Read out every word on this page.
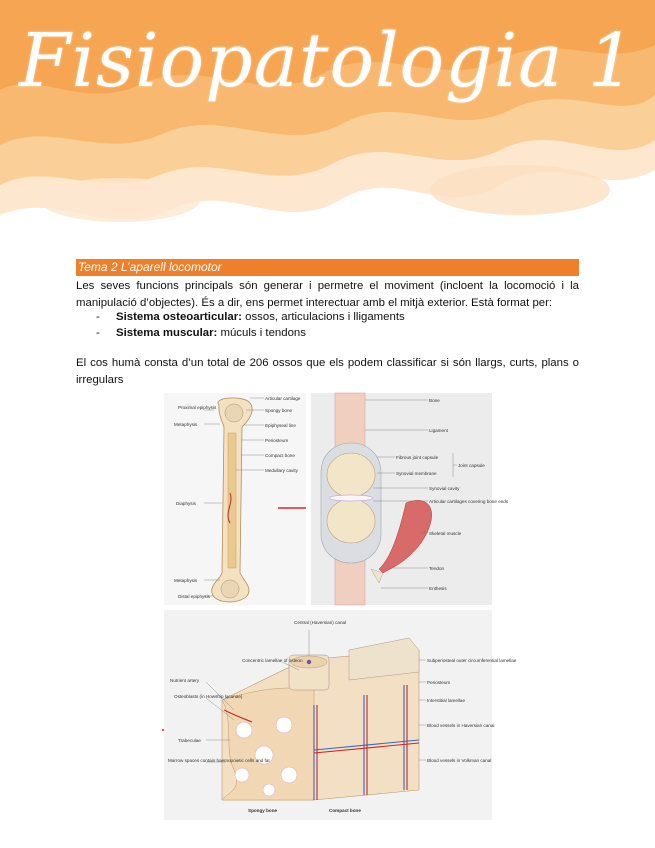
Fisiopatologia 1
Tema 2 L’aparell locomotor
Les seves funcions principals són generar i permetre el moviment (incloent la locomoció i la manipulació d’objectes). És a dir, ens permet interectuar amb el mitjà exterior. Està format per:
- Sistema osteoarticular: ossos, articulacions i lligaments
- Sistema muscular: múculs i tendons
El cos humà consta d’un total de 206 ossos que els podem classificar si són llargs, curts, plans o irregulars
Proximal epiphysis
Metaphysis
Diaphysis
Metaphysis
Distal epiphysis
Articular cartilage
Spongy bone
Epiphyseal line
Periosteum
Compact bone
Medullary cavity
Bone
Ligament
Fibrous joint capsule
Synovial membrane
Joint capsule
Synovial cavity
Articular cartilages covering bone ends
Skeletal muscle
Tendon
Enthesis
Nutrient artery
Osteoblasts (in Howship lacunae)
Trabeculae
Marrow spaces contain haemopoietic cells and fat
Central (Haversian) canal
Concentric lamellae of osteon	Subperiosteal outer circumferential lamellae
Periosteum
Interstitial lamellae
Blood vessels in Haversian canal
Blood vessels in Volkman canal
Spongy bone	Compact bone
